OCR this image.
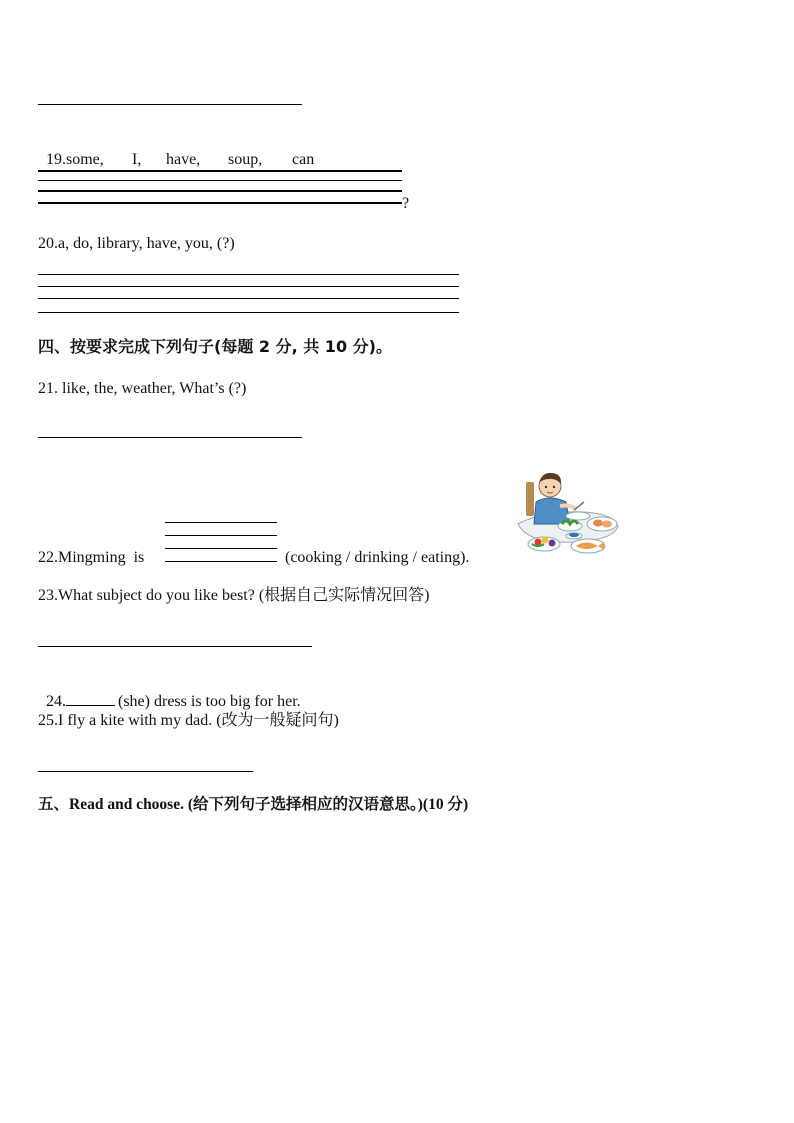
19.some, I, have, soup, can

?
20.a, do, library, have, you, (?)
四、按要求完成下列句子(每题 2 分, 共 10 分)。
21. like, the, weather, What’s (?)
22.Mingming  is	(cooking / drinking / eating).
23.What subject do you like best? (根据自己实际情况回答)

24.	(she) dress is too big for her.

25.I fly a kite with my dad. (改为一般疑问句)
五、Read and choose. (给下列句子选择相应的汉语意思。)(10 分)
